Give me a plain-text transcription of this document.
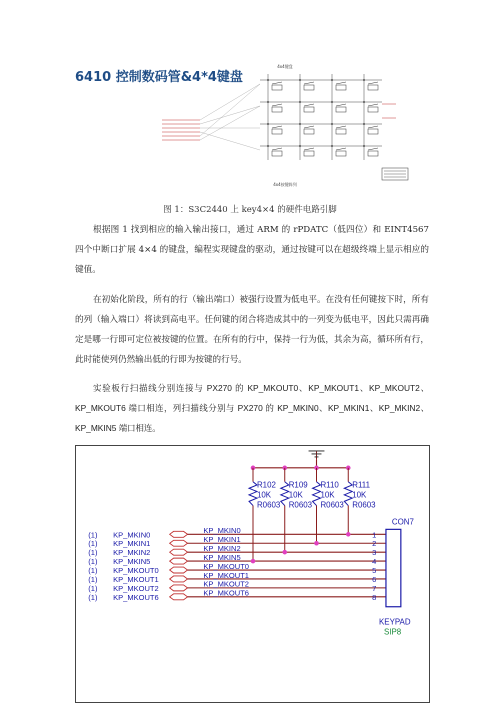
6410 控制数码管&4*4键盘
4x4键盘
4x4按键阵列
图 1：S3C2440 上 key4×4 的硬件电路引脚
根据图 1 找到相应的输入输出接口，通过 ARM 的 rPDATC（低四位）和 EINT4567 四个中断口扩展 4×4 的键盘，编程实现键盘的驱动，通过按键可以在超级终端上显示相应的键值。
在初始化阶段，所有的行（输出端口）被强行设置为低电平。在没有任何键按下时，所有的列（输入端口）将读到高电平。任何键的闭合将造成其中的一列变为低电平，因此只需再确定是哪一行即可定位被按键的位置。在所有的行中，保持一行为低，其余为高，循环所有行，此时能使列仍然输出低的行即为按键的行号。
实验板行扫描线分别连接与 PX270 的 KP_MKOUT0、KP_MKOUT1、KP_MKOUT2、KP_MKOUT6 端口相连，列扫描线分别与 PX270 的 KP_MKIN0、KP_MKIN1、KP_MKIN2、KP_MKIN5 端口相连。
R102
10K
R0603
R109
10K
R0603
R110
10K
R0603
R111
10K
R0603
(1) KP_MKIN0	KP_MKIN0	1
(1) KP_MKIN1	KP_MKIN1	2
(1) KP_MKIN2	KP_MKIN2	3
(1) KP_MKIN5	KP_MKIN5	4
(1) KP_MKOUT0	KP_MKOUT0	5
(1) KP_MKOUT1	KP_MKOUT1	6
(1) KP_MKOUT2	KP_MKOUT2	7
(1) KP_MKOUT6	KP_MKOUT6	8
CON7
KEYPAD
SIP8
